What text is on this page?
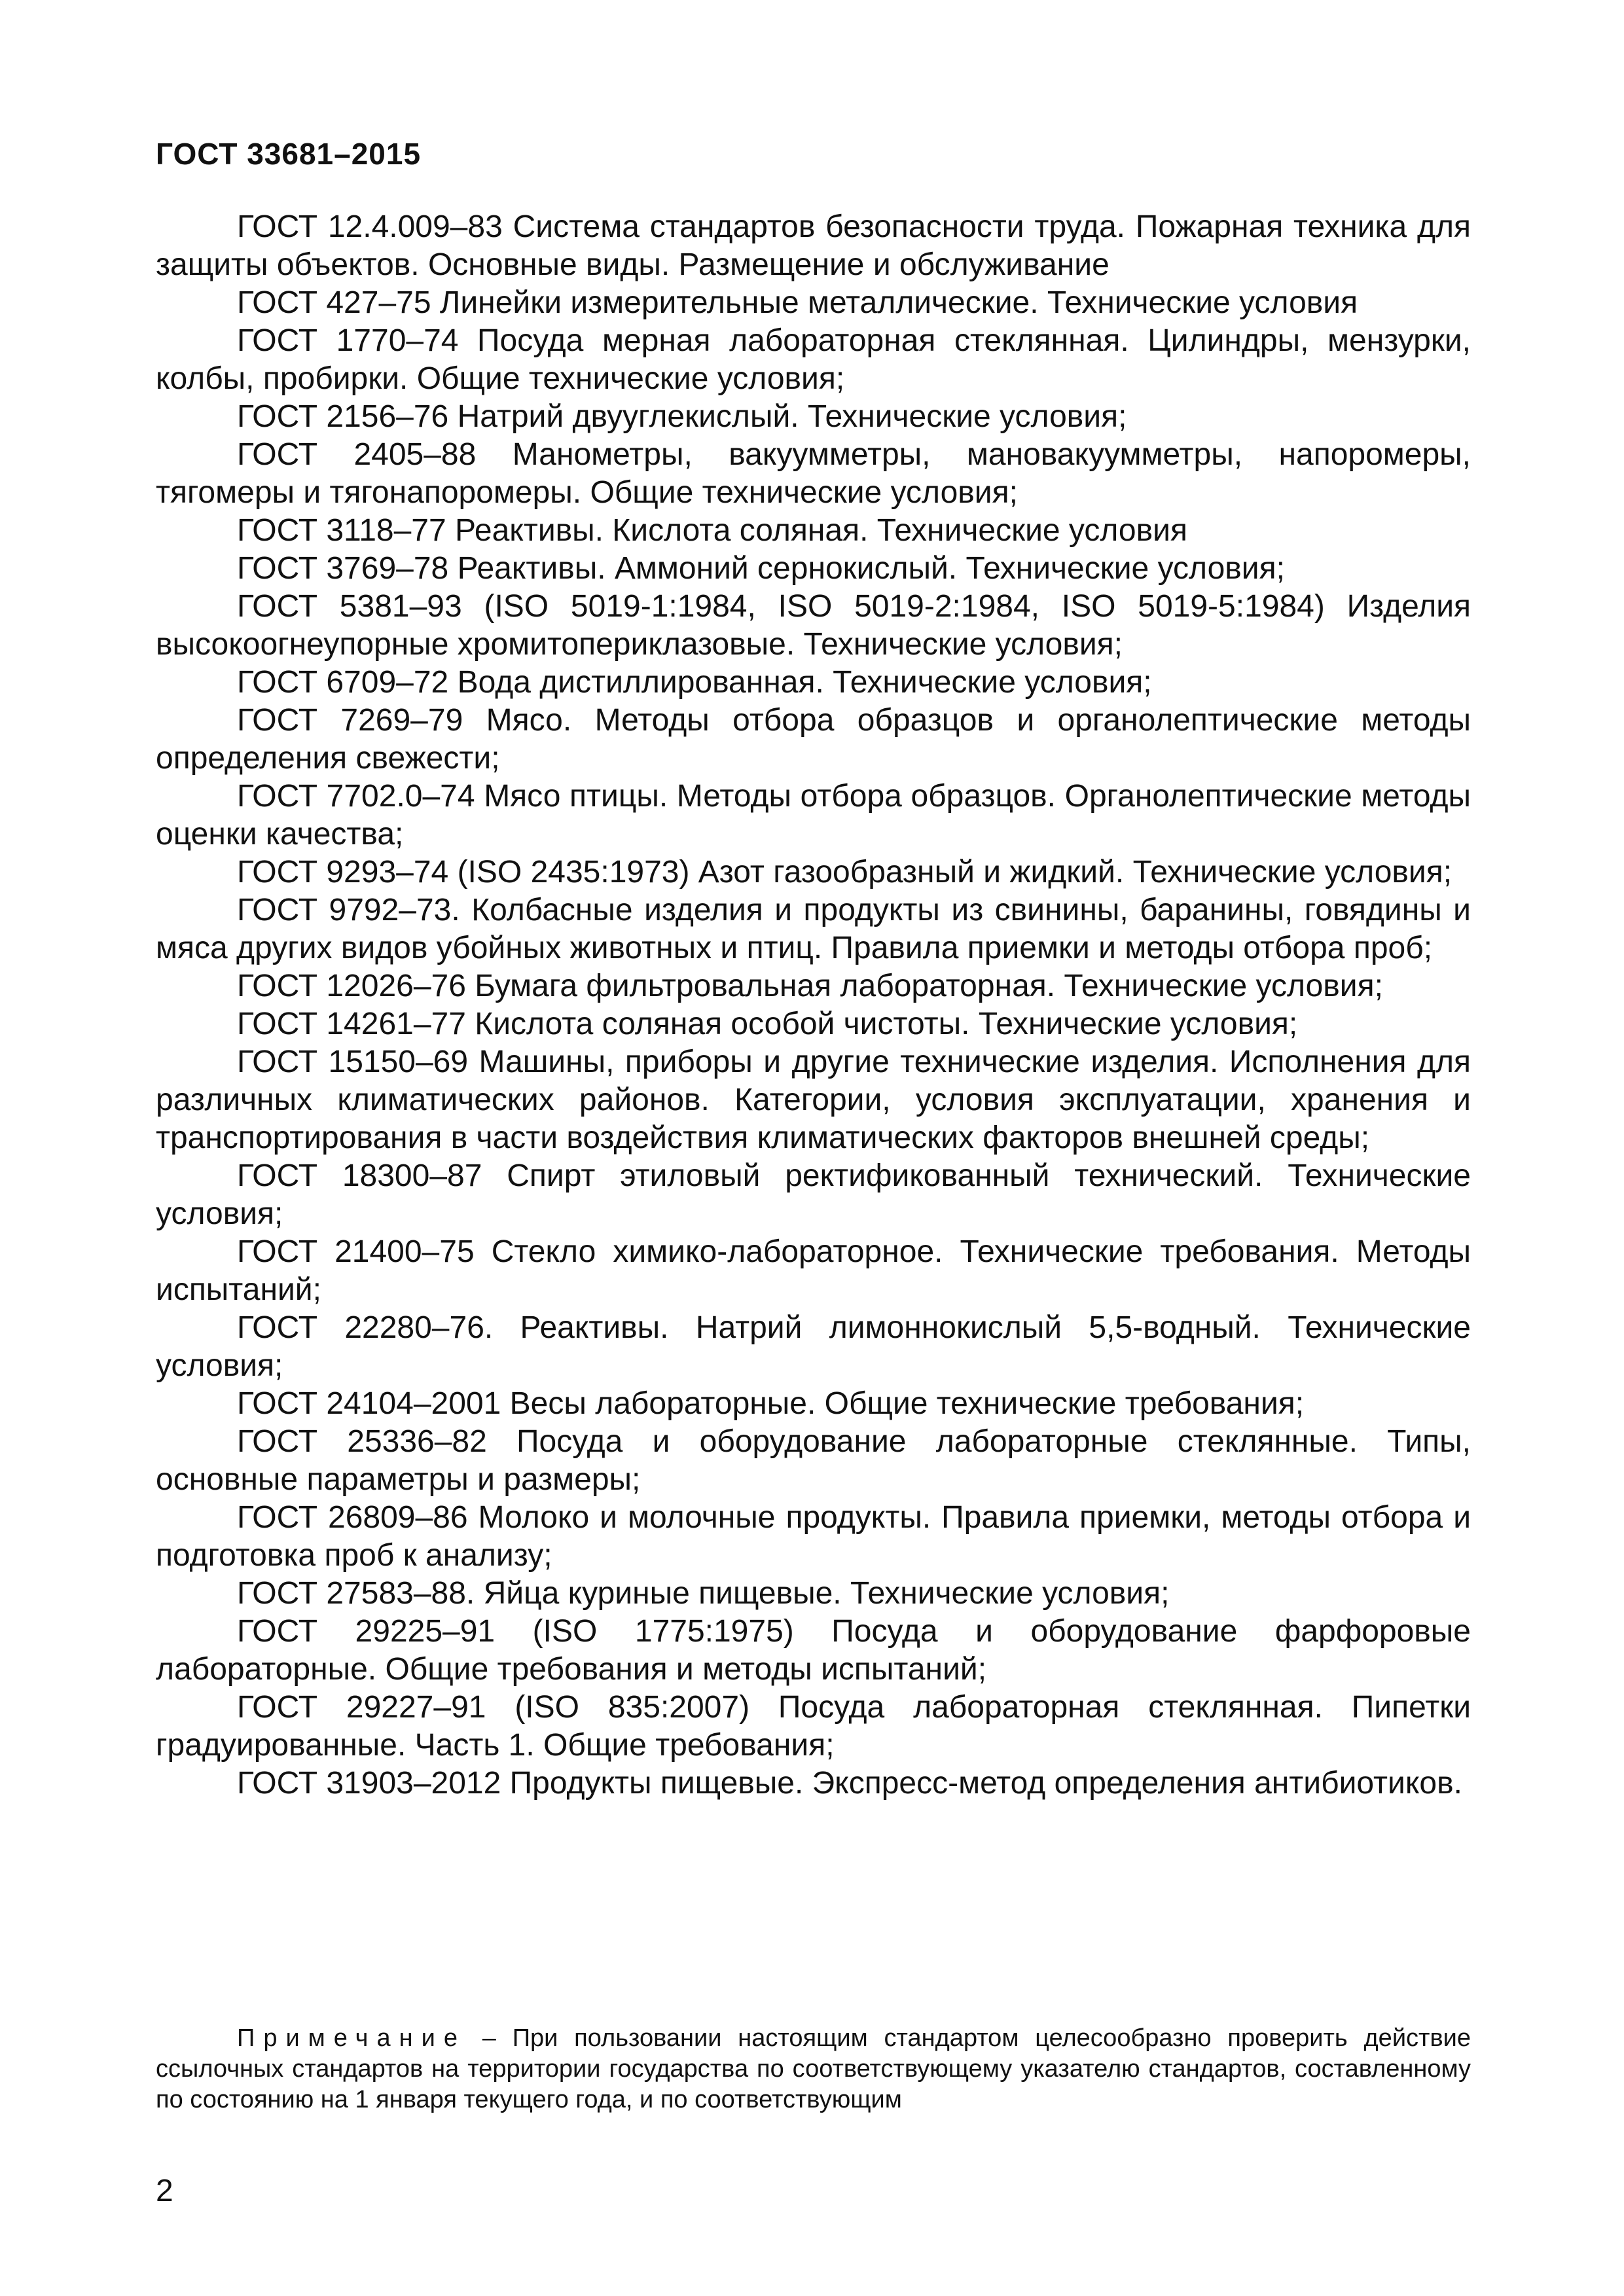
ГОСТ 33681–2015

ГОСТ 12.4.009–83 Система стандартов безопасности труда. Пожарная техника для защиты объектов. Основные виды. Размещение и обслуживание

ГОСТ 427–75 Линейки измерительные металлические. Технические условия

ГОСТ 1770–74 Посуда мерная лабораторная стеклянная. Цилиндры, мензурки, колбы, пробирки. Общие технические условия;

ГОСТ 2156–76 Натрий двууглекислый. Технические условия;

ГОСТ 2405–88 Манометры, вакуумметры, мановакуумметры, напоромеры, тягомеры и тягонапоромеры. Общие технические условия;

ГОСТ 3118–77 Реактивы. Кислота соляная. Технические условия

ГОСТ 3769–78 Реактивы. Аммоний сернокислый. Технические условия;

ГОСТ 5381–93 (ISO 5019-1:1984, ISO 5019-2:1984, ISO 5019-5:1984) Изделия высокоогнеупорные хромитопериклазовые. Технические условия;

ГОСТ 6709–72 Вода дистиллированная. Технические условия;

ГОСТ 7269–79 Мясо. Методы отбора образцов и органолептические методы определения свежести;

ГОСТ 7702.0–74 Мясо птицы. Методы отбора образцов. Органолептические методы оценки качества;

ГОСТ 9293–74 (ISO 2435:1973) Азот газообразный и жидкий. Технические условия;

ГОСТ 9792–73. Колбасные изделия и продукты из свинины, баранины, говядины и мяса других видов убойных животных и птиц. Правила приемки и методы отбора проб;

ГОСТ 12026–76 Бумага фильтровальная лабораторная. Технические условия;

ГОСТ 14261–77 Кислота соляная особой чистоты. Технические условия;

ГОСТ 15150–69 Машины, приборы и другие технические изделия. Исполнения для различных климатических районов. Категории, условия эксплуатации, хранения и транспортирования в части воздействия климатических факторов внешней среды;

ГОСТ 18300–87 Спирт этиловый ректификованный технический. Технические условия;

ГОСТ 21400–75 Стекло химико-лабораторное. Технические требования. Методы испытаний;

ГОСТ 22280–76. Реактивы. Натрий лимоннокислый 5,5-водный. Технические условия;

ГОСТ 24104–2001 Весы лабораторные. Общие технические требования;

ГОСТ 25336–82 Посуда и оборудование лабораторные стеклянные. Типы, основные параметры и размеры;

ГОСТ 26809–86 Молоко и молочные продукты. Правила приемки, методы отбора и подготовка проб к анализу;

ГОСТ 27583–88. Яйца куриные пищевые. Технические условия;

ГОСТ 29225–91 (ISO 1775:1975) Посуда и оборудование фарфоровые лабораторные. Общие требования и методы испытаний;

ГОСТ 29227–91 (ISO 835:2007) Посуда лабораторная стеклянная. Пипетки градуированные. Часть 1. Общие требования;

ГОСТ 31903–2012 Продукты пищевые. Экспресс-метод определения антибиотиков.

Примечание – При пользовании настоящим стандартом целесообразно проверить действие ссылочных стандартов на территории государства по соответствующему указателю стандартов, составленному по состоянию на 1 января текущего года, и по соответствующим
2
